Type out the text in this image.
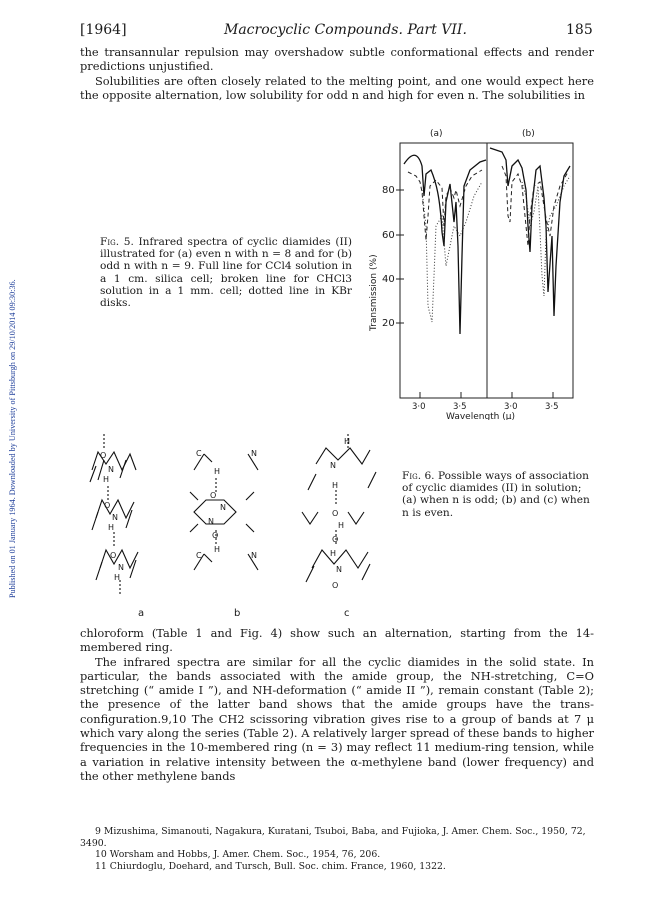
Published on 01 January 1964. Downloaded by University of Pittsburgh on 29/10/2014 09:30:36.
[1964]	Macrocyclic Compounds. Part VII.	185

the transannular repulsion may overshadow subtle conformational effects and render predictions unjustified.

Solubilities are often closely related to the melting point, and one would expect here the opposite alternation, low solubility for odd n and high for even n. The solubilities in

Fig. 5. Infrared spectra of cyclic diamides (II) illustrated for (a) even n with n = 8 and for (b) odd n with n = 9. Full line for CCl4 solution in a 1 cm. silica cell; broken line for CHCl3 solution in a 1 mm. cell; dotted line in KBr disks.
(a)	(b)
80
60
40
20
Transmission (%)
3·0	3·5	3·0	3·5
Wavelength (μ)
O
N
H
O
N
H
O
N
H
C	N
H
O
N
N
O
H
C	N
H
N
H
O
H
O
H
N
O
a	b	c
Fig. 6. Possible ways of association of cyclic diamides (II) in solution; (a) when n is odd; (b) and (c) when n is even.

chloroform (Table 1 and Fig. 4) show such an alternation, starting from the 14-membered ring.

The infrared spectra are similar for all the cyclic diamides in the solid state. In particular, the bands associated with the amide group, the NH-stretching, C=O stretching (“ amide I ”), and NH-deformation (“ amide II ”), remain constant (Table 2); the presence of the latter band shows that the amide groups have the trans-configuration.9,10 The CH2 scissoring vibration gives rise to a group of bands at 7 μ which vary along the series (Table 2). A relatively larger spread of these bands to higher frequencies in the 10-membered ring (n = 3) may reflect 11 medium-ring tension, while a variation in relative intensity between the α-methylene band (lower frequency) and the other methylene bands

9 Mizushima, Simanouti, Nagakura, Kuratani, Tsuboi, Baba, and Fujioka, J. Amer. Chem. Soc., 1950, 72, 3490.

10 Worsham and Hobbs, J. Amer. Chem. Soc., 1954, 76, 206.

11 Chiurdoglu, Doehard, and Tursch, Bull. Soc. chim. France, 1960, 1322.
